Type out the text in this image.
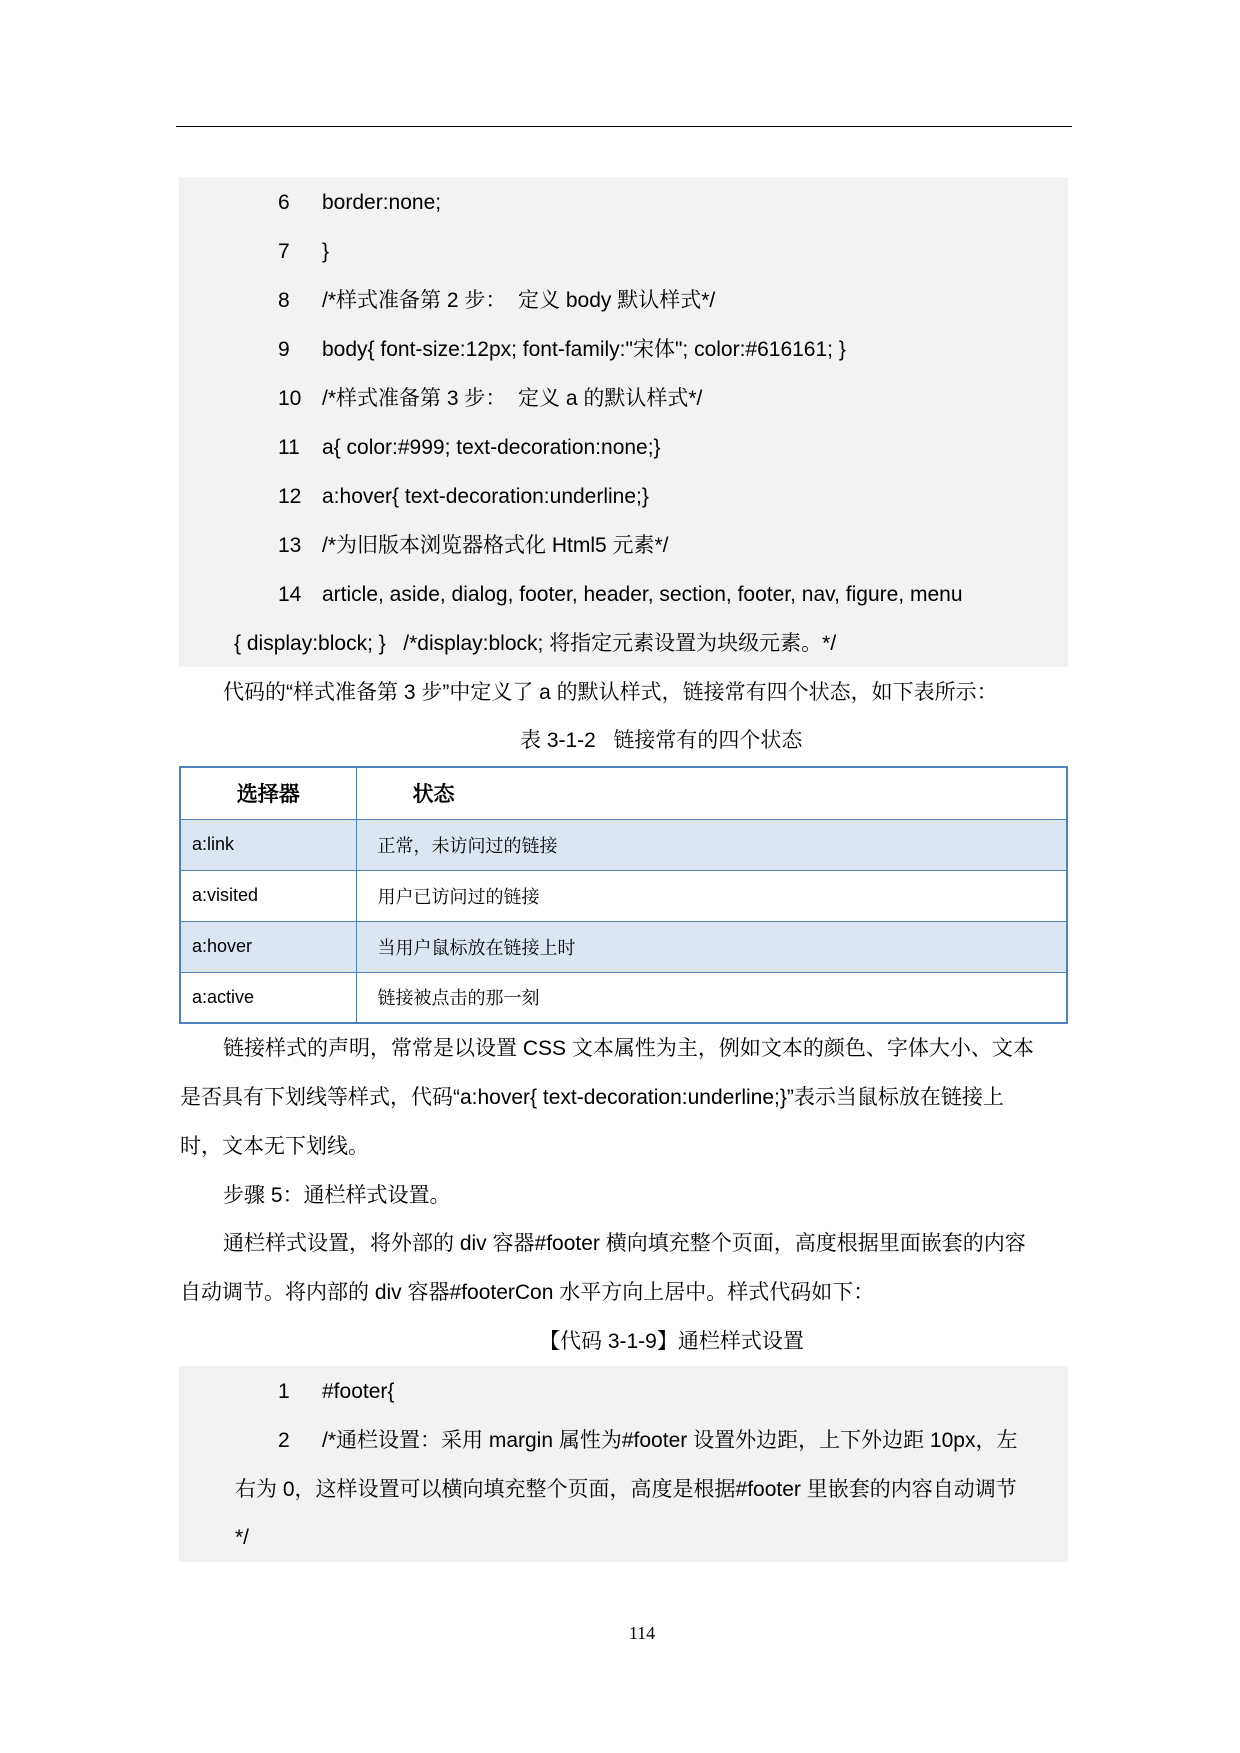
6

border:none;

7

}

8

/*样式准备第 2 步：  定义 body 默认样式*/

9

body{ font-size:12px; font-family:"宋体"; color:#616161; }

10

/*样式准备第 3 步：  定义 a 的默认样式*/

11

a{ color:#999; text-decoration:none;}

12

a:hover{ text-decoration:underline;}

13

/*为旧版本浏览器格式化 Html5 元素*/

14

article, aside, dialog, footer, header, section, footer, nav, figure, menu

{ display:block; }   /*display:block; 将指定元素设置为块级元素。*/

代码的“样式准备第 3 步”中定义了 a 的默认样式，链接常有四个状态，如下表所示：
表 3-1-2   链接常有的四个状态
选择器	状态
a:link	正常，未访问过的链接
a:visited	用户已访问过的链接
a:hover	当用户鼠标放在链接上时
a:active	链接被点击的那一刻
链接样式的声明，常常是以设置 CSS 文本属性为主，例如文本的颜色、字体大小、文本
是否具有下划线等样式，代码“a:hover{ text-decoration:underline;}”表示当鼠标放在链接上
时，文本无下划线。
步骤 5：通栏样式设置。
通栏样式设置，将外部的 div 容器#footer 横向填充整个页面，高度根据里面嵌套的内容
自动调节。将内部的 div 容器#footerCon 水平方向上居中。样式代码如下：
【代码 3-1-9】通栏样式设置

1

#footer{

2

/*通栏设置：采用 margin 属性为#footer 设置外边距，上下外边距 10px，左

右为 0，这样设置可以横向填充整个页面，高度是根据#footer 里嵌套的内容自动调节

*/

114
